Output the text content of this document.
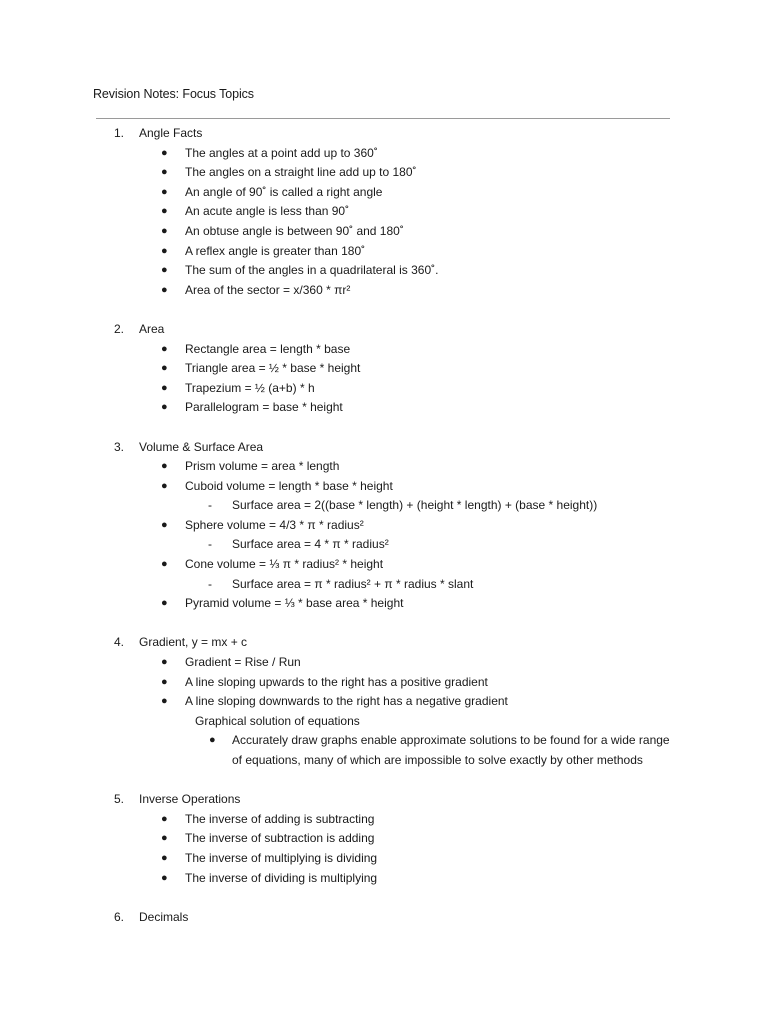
Revision Notes: Focus Topics
1. Angle Facts
● The angles at a point add up to 360˚
● The angles on a straight line add up to 180˚
● An angle of 90˚ is called a right angle
● An acute angle is less than 90˚
● An obtuse angle is between 90˚ and 180˚
● A reflex angle is greater than 180˚
● The sum of the angles in a quadrilateral is 360˚.
● Area of the sector = x/360 * πr²
2. Area
● Rectangle area = length * base
● Triangle area = ½ * base * height
● Trapezium = ½ (a+b) * h
● Parallelogram = base * height
3. Volume & Surface Area
● Prism volume = area * length
● Cuboid volume = length * base * height
- Surface area = 2((base * length) + (height * length) + (base * height))
● Sphere volume = 4/3 * π * radius²
- Surface area = 4 * π * radius²
● Cone volume = ⅓ π * radius² * height
- Surface area = π * radius² + π * radius * slant
● Pyramid volume = ⅓ * base area * height
4. Gradient, y = mx + c
● Gradient = Rise / Run
● A line sloping upwards to the right has a positive gradient
● A line sloping downwards to the right has a negative gradient
Graphical solution of equations
● Accurately draw graphs enable approximate solutions to be found for a wide range of equations, many of which are impossible to solve exactly by other methods
5. Inverse Operations
● The inverse of adding is subtracting
● The inverse of subtraction is adding
● The inverse of multiplying is dividing
● The inverse of dividing is multiplying
6. Decimals
